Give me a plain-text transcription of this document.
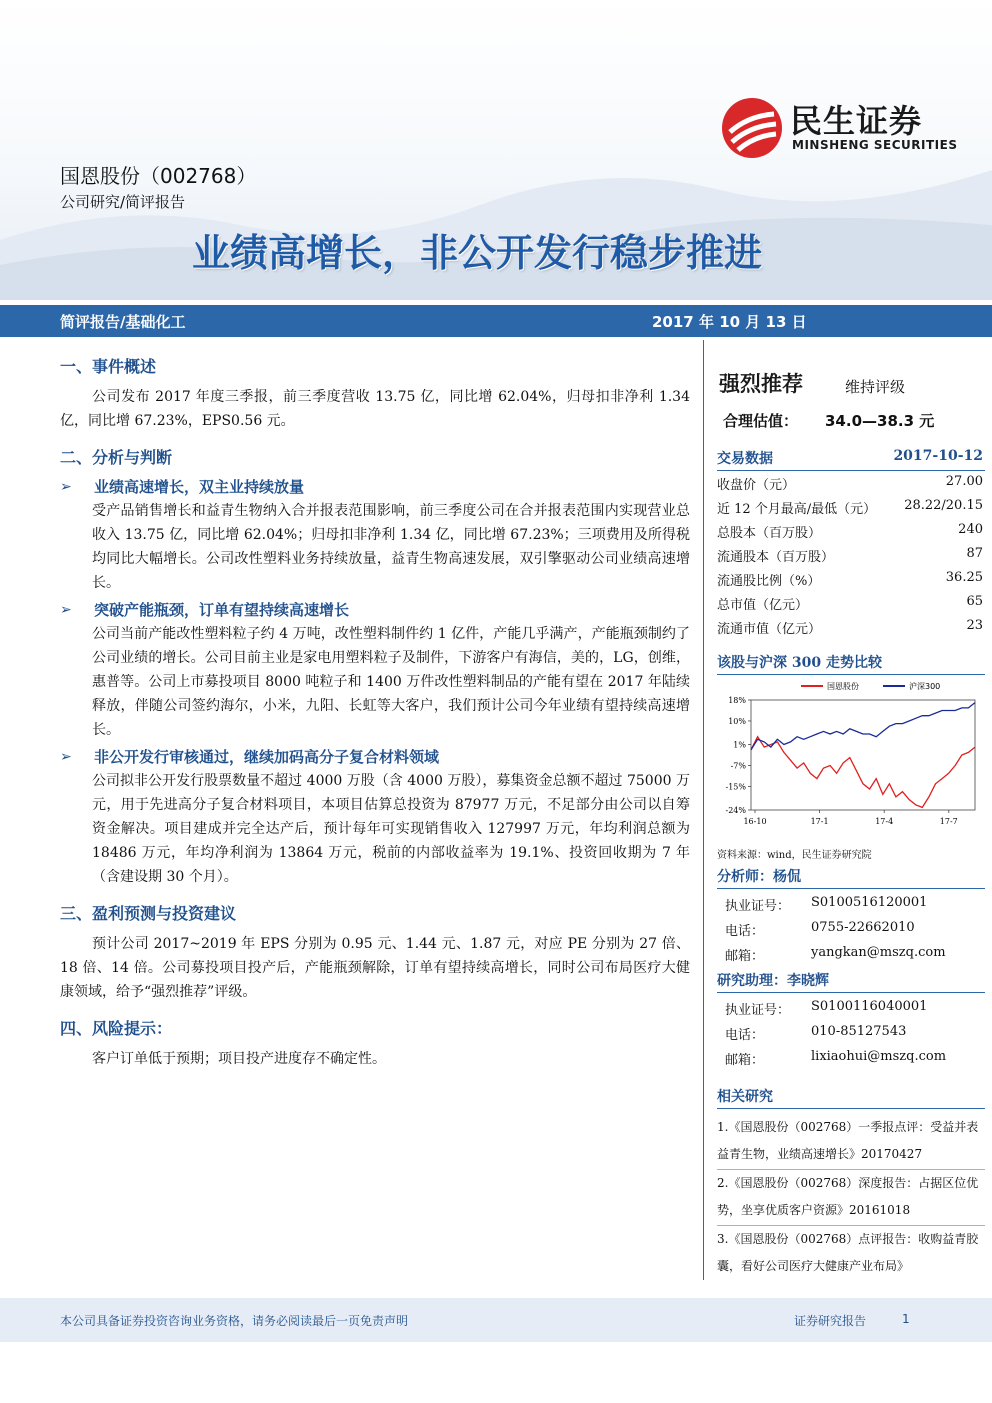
民生证券
MINSHENG SECURITIES
国恩股份（002768）
公司研究/简评报告
业绩高增长，非公开发行稳步推进
简评报告/基础化工	2017 年 10 月 13 日
一、事件概述

公司发布 2017 年度三季报，前三季度营收 13.75 亿，同比增 62.04%，归母扣非净利 1.34 亿，同比增 67.23%，EPS0.56 元。

二、分析与判断
➢	业绩高速增长，双主业持续放量

受产品销售增长和益青生物纳入合并报表范围影响，前三季度公司在合并报表范围内实现营业总收入 13.75 亿，同比增 62.04%；归母扣非净利 1.34 亿，同比增 67.23%；三项费用及所得税均同比大幅增长。公司改性塑料业务持续放量，益青生物高速发展，双引擎驱动公司业绩高速增长。

➢	突破产能瓶颈，订单有望持续高速增长

公司当前产能改性塑料粒子约 4 万吨，改性塑料制件约 1 亿件，产能几乎满产，产能瓶颈制约了公司业绩的增长。公司目前主业是家电用塑料粒子及制件，下游客户有海信，美的，LG，创维，惠普等。公司上市募投项目 8000 吨粒子和 1400 万件改性塑料制品的产能有望在 2017 年陆续释放，伴随公司签约海尔，小米，九阳、长虹等大客户，我们预计公司今年业绩有望持续高速增长。

➢	非公开发行审核通过，继续加码高分子复合材料领域

公司拟非公开发行股票数量不超过 4000 万股（含 4000 万股），募集资金总额不超过 75000 万元，用于先进高分子复合材料项目，本项目估算总投资为 87977 万元，不足部分由公司以自筹资金解决。项目建成并完全达产后，预计每年可实现销售收入 127997 万元，年均利润总额为 18486 万元，年均净利润为 13864 万元，税前的内部收益率为 19.1%、投资回收期为 7 年（含建设期 30 个月）。

三、盈利预测与投资建议

预计公司 2017~2019 年 EPS 分别为 0.95 元、1.44 元、1.87 元，对应 PE 分别为 27 倍、18 倍、14 倍。公司募投项目投产后，产能瓶颈解除，订单有望持续高增长，同时公司布局医疗大健康领域，给予“强烈推荐”评级。

四、风险提示：

客户订单低于预期；项目投产进度存不确定性。

强烈推荐	维持评级
合理估值： 34.0—38.3 元
交易数据	2017-10-12
该股与沪深 300 走势比较
18%
10%
1%
-7%
-15%
-24%
16-10	17-1	17-4	17-7
国恩股份	沪深300
资料来源：wind，民生证券研究院
分析师：杨侃
研究助理：李晓辉
相关研究
收盘价（元）	27.00
近 12 个月最高/最低（元） 28.22/20.15
总股本（百万股）	240
流通股本（百万股）	87
流通股比例（%）	36.25
总市值（亿元）	65
流通市值（亿元）	23
执业证号： S0100516120001
电话：	0755-22662010
邮箱：	yangkan@mszq.com
执业证号： S0100116040001
电话：	010-85127543
邮箱：	lixiaohui@mszq.com
1.《国恩股份（002768）一季报点评：受益并表益青生物，业绩高速增长》20170427
2.《国恩股份（002768）深度报告：占据区位优势，坐享优质客户资源》20161018
3.《国恩股份（002768）点评报告：收购益青胶囊，看好公司医疗大健康产业布局》
本公司具备证券投资咨询业务资格，请务必阅读最后一页免责声明	证券研究报告	1
